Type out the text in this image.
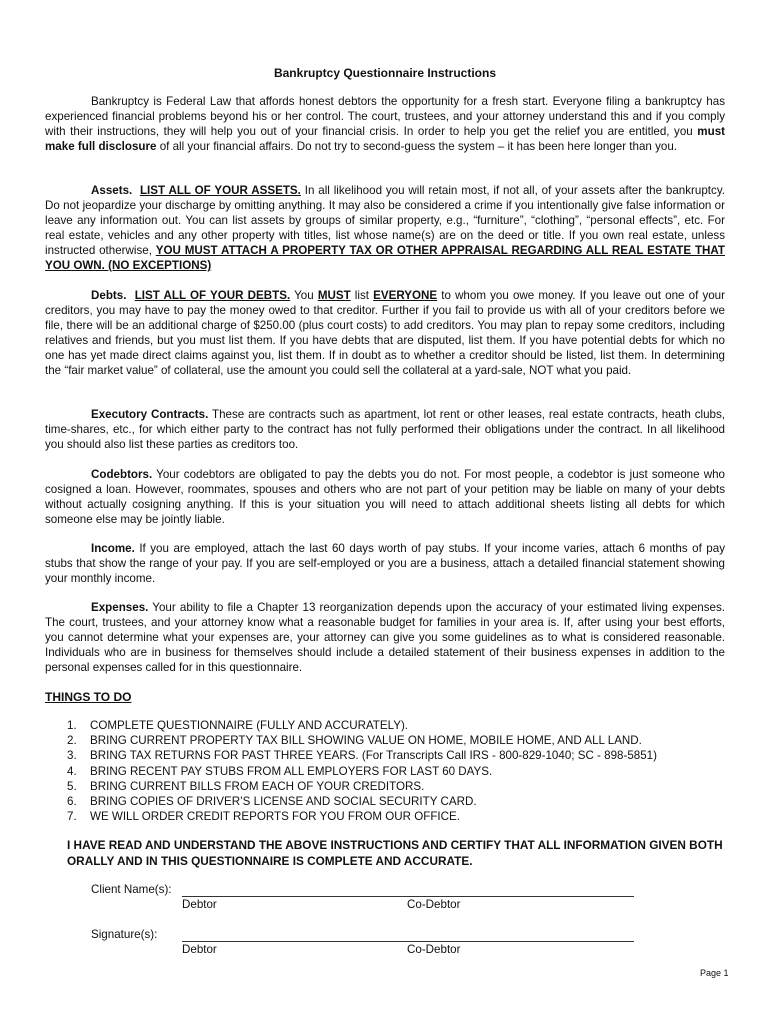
Bankruptcy Questionnaire Instructions

Bankruptcy is Federal Law that affords honest debtors the opportunity for a fresh start. Everyone filing a bankruptcy has experienced financial problems beyond his or her control. The court, trustees, and your attorney understand this and if you comply with their instructions, they will help you out of your financial crisis. In order to help you get the relief you are entitled, you must make full disclosure of all your financial affairs. Do not try to second-guess the system – it has been here longer than you.

Assets. LIST ALL OF YOUR ASSETS. In all likelihood you will retain most, if not all, of your assets after the bankruptcy. Do not jeopardize your discharge by omitting anything. It may also be considered a crime if you intentionally give false information or leave any information out. You can list assets by groups of similar property, e.g., “furniture”, “clothing”, “personal effects”, etc. For real estate, vehicles and any other property with titles, list whose name(s) are on the deed or title. If you own real estate, unless instructed otherwise, YOU MUST ATTACH A PROPERTY TAX OR OTHER APPRAISAL REGARDING ALL REAL ESTATE THAT YOU OWN. (NO EXCEPTIONS)

Debts. LIST ALL OF YOUR DEBTS. You MUST list EVERYONE to whom you owe money. If you leave out one of your creditors, you may have to pay the money owed to that creditor. Further if you fail to provide us with all of your creditors before we file, there will be an additional charge of $250.00 (plus court costs) to add creditors. You may plan to repay some creditors, including relatives and friends, but you must list them. If you have debts that are disputed, list them. If you have potential debts for which no one has yet made direct claims against you, list them. If in doubt as to whether a creditor should be listed, list them. In determining the “fair market value” of collateral, use the amount you could sell the collateral at a yard-sale, NOT what you paid.

Executory Contracts. These are contracts such as apartment, lot rent or other leases, real estate contracts, heath clubs, time-shares, etc., for which either party to the contract has not fully performed their obligations under the contract. In all likelihood you should also list these parties as creditors too.

Codebtors. Your codebtors are obligated to pay the debts you do not. For most people, a codebtor is just someone who cosigned a loan. However, roommates, spouses and others who are not part of your petition may be liable on many of your debts without actually cosigning anything. If this is your situation you will need to attach additional sheets listing all debts for which someone else may be jointly liable.

Income. If you are employed, attach the last 60 days worth of pay stubs. If your income varies, attach 6 months of pay stubs that show the range of your pay. If you are self-employed or you are a business, attach a detailed financial statement showing your monthly income.

Expenses. Your ability to file a Chapter 13 reorganization depends upon the accuracy of your estimated living expenses. The court, trustees, and your attorney know what a reasonable budget for families in your area is. If, after using your best efforts, you cannot determine what your expenses are, your attorney can give you some guidelines as to what is considered reasonable. Individuals who are in business for themselves should include a detailed statement of their business expenses in addition to the personal expenses called for in this questionnaire.

THINGS TO DO
1.	COMPLETE QUESTIONNAIRE (FULLY AND ACCURATELY).
2.	BRING CURRENT PROPERTY TAX BILL SHOWING VALUE ON HOME, MOBILE HOME, AND ALL LAND.
3.	BRING TAX RETURNS FOR PAST THREE YEARS. (For Transcripts Call IRS - 800-829-1040; SC - 898-5851)
4.	BRING RECENT PAY STUBS FROM ALL EMPLOYERS FOR LAST 60 DAYS.
5.	BRING CURRENT BILLS FROM EACH OF YOUR CREDITORS.
6.	BRING COPIES OF DRIVER’S LICENSE AND SOCIAL SECURITY CARD.
7.	WE WILL ORDER CREDIT REPORTS FOR YOU FROM OUR OFFICE.

I HAVE READ AND UNDERSTAND THE ABOVE INSTRUCTIONS AND CERTIFY THAT ALL INFORMATION GIVEN BOTH ORALLY AND IN THIS QUESTIONNAIRE IS COMPLETE AND ACCURATE.

Client Name(s):
Debtor	Co-Debtor
Signature(s):
Debtor	Co-Debtor
Page 1
